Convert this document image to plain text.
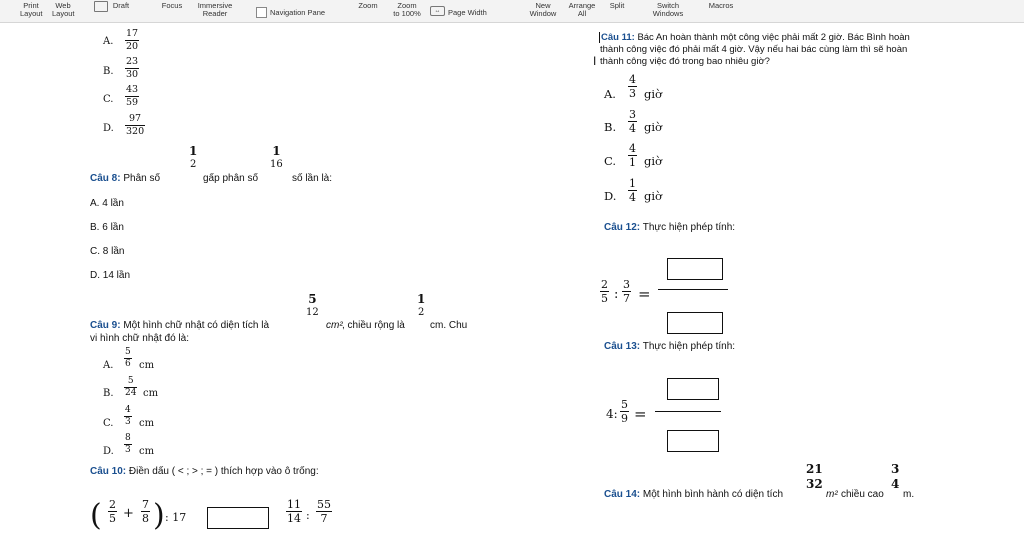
Print
Layout
Web
Layout
Draft	Focus	Immersive
Reader	Navigation Pane
Zoom	Zoom
to 100%	↔	Page Width
New
Window
Arrange
All
Split	Switch
Windows
Macros
A.
17
20
B.
23
30
C.
43
59
D.
97
320
Câu 8: Phân số
1
2
gấp phân số
1
16
số lần là:
A. 4 lần
B. 6 lần
C. 8 lần
D. 14 lần
Câu 9: Một hình chữ nhật có diện tích là
5
12
cm² , chiều rộng là
1
2
cm. Chu
vi hình chữ nhật đó là:
A.
5
6 cm
B.
5
24 cm
C.
4
3 cm
D.
8
3 cm
Câu 10: Điền dấu ( < ; > ; = ) thích hợp vào ô trống:
( 2
5 +
7
8 ) : 17
11
14 :
55
7
Câu 11: Bác An hoàn thành một công việc phải mất 2 giờ. Bác Bình hoàn
thành công việc đó phải mất 4 giờ. Vậy nếu hai bác cùng làm thì sẽ hoàn
I thành công việc đó trong bao nhiêu giờ?
A.
4
3 giờ
B.
3
4 giờ
C.
4
1 giờ
D.
1
4 giờ
Câu 12: Thực hiện phép tính:
2
5 :
3
7 =
Câu 13: Thực hiện phép tính:
4:
5
9 =
Câu 14: Một hình bình hành có diện tích
21
32
m² chiều cao
3
4
m.
